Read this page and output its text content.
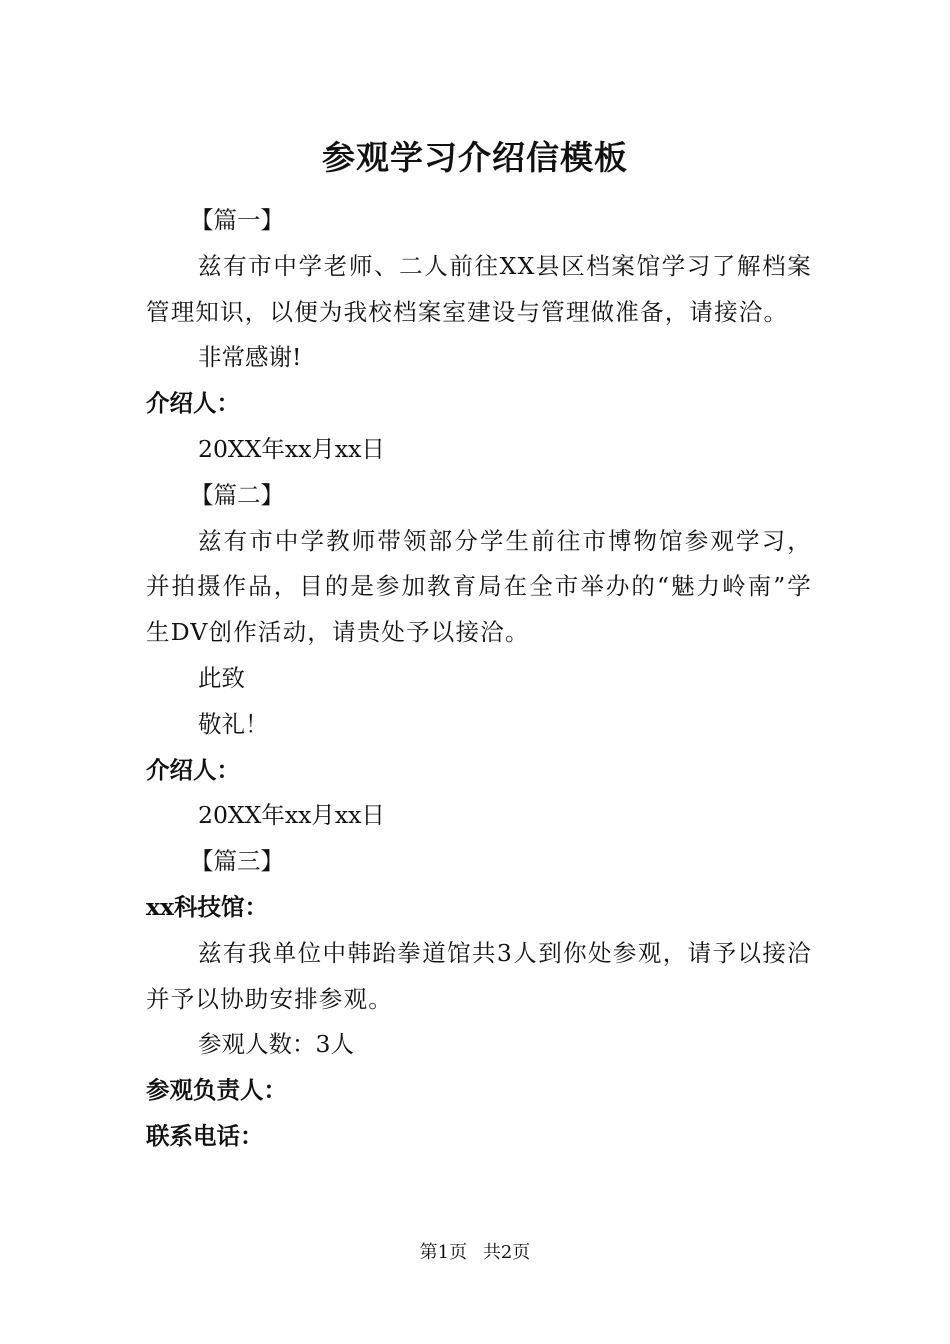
参观学习介绍信模板

【篇一】

兹有市中学老师、二人前往XX县区档案馆学习了解档案管理知识，以便为我校档案室建设与管理做准备，请接洽。

非常感谢!

介绍人：

20XX年xx月xx日

【篇二】

兹有市中学教师带领部分学生前往市博物馆参观学习，并拍摄作品，目的是参加教育局在全市举办的“魅力岭南”学生DV创作活动，请贵处予以接洽。

此致

敬礼！

介绍人：

20XX年xx月xx日

【篇三】

xx科技馆：

兹有我单位中韩跆拳道馆共3人到你处参观，请予以接洽并予以协助安排参观。

参观人数：3人

参观负责人：

联系电话：

第1页 共2页
